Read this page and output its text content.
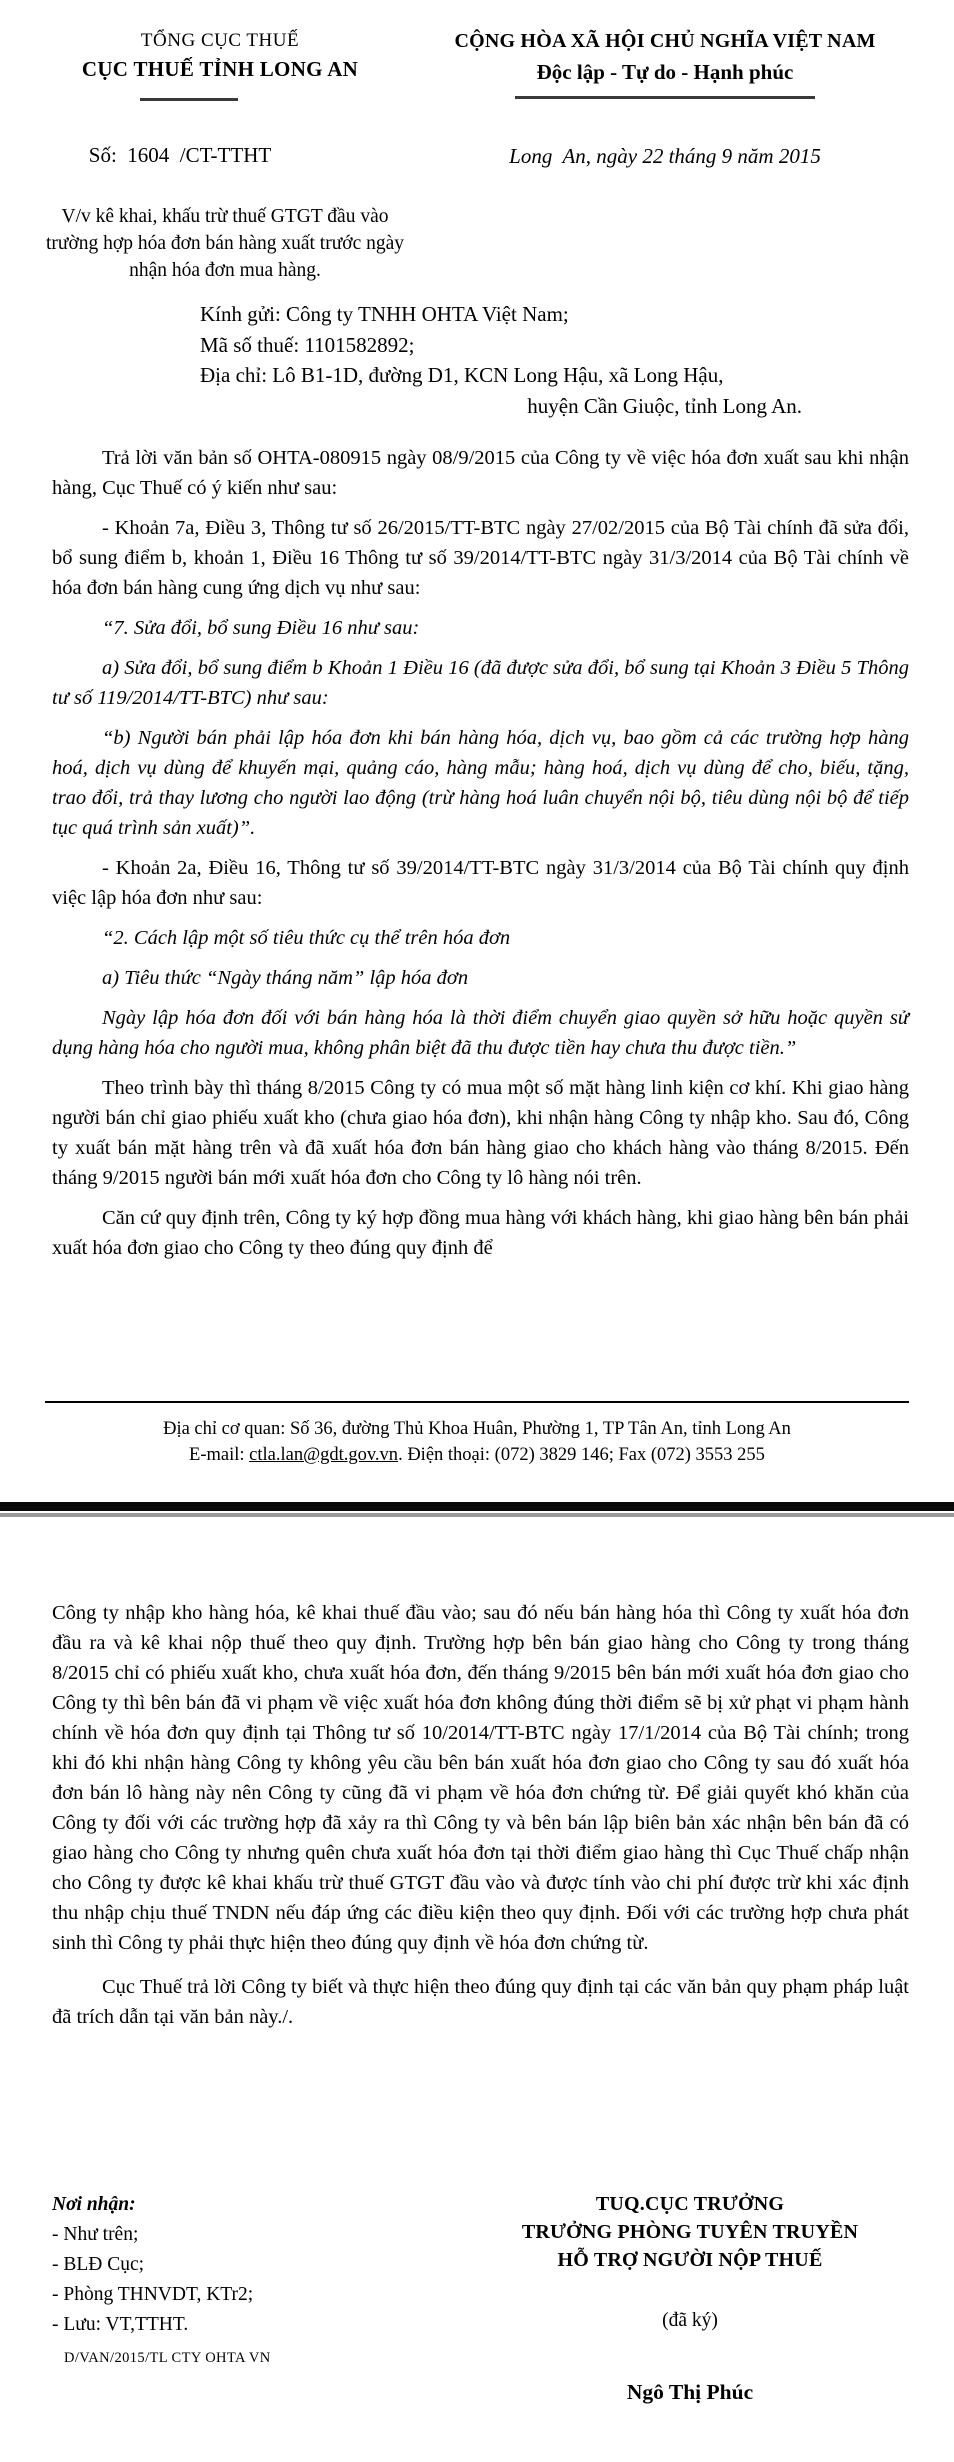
TỔNG CỤC THUẾ
CỤC THUẾ TỈNH LONG AN
CỘNG HÒA XÃ HỘI CHỦ NGHĨA VIỆT NAM
Độc lập - Tự do - Hạnh phúc
Số:  1604  /CT-TTHT	Long  An, ngày 22 tháng 9 năm 2015
V/v kê khai, khấu trừ thuế GTGT đầu vào trường hợp hóa đơn bán hàng xuất trước ngày nhận hóa đơn mua hàng.
Kính gửi: Công ty TNHH OHTA Việt Nam;
Mã số thuế: 1101582892;
Địa chỉ: Lô B1-1D, đường D1, KCN Long Hậu, xã Long Hậu,
huyện Cần Giuộc, tỉnh Long An.

Trả lời văn bản số OHTA-080915 ngày 08/9/2015 của Công ty về việc hóa đơn xuất sau khi nhận hàng, Cục Thuế có ý kiến như sau:

- Khoản 7a, Điều 3, Thông tư số 26/2015/TT-BTC ngày 27/02/2015 của Bộ Tài chính đã sửa đổi, bổ sung điểm b, khoản 1, Điều 16 Thông tư số 39/2014/TT-BTC ngày 31/3/2014 của Bộ Tài chính về hóa đơn bán hàng cung ứng dịch vụ như sau:

“7. Sửa đổi, bổ sung Điều 16 như sau:

a) Sửa đổi, bổ sung điểm b Khoản 1 Điều 16 (đã được sửa đổi, bổ sung tại Khoản 3 Điều 5 Thông tư số 119/2014/TT-BTC) như sau:

“b) Người bán phải lập hóa đơn khi bán hàng hóa, dịch vụ, bao gồm cả các trường hợp hàng hoá, dịch vụ dùng để khuyến mại, quảng cáo, hàng mẫu; hàng hoá, dịch vụ dùng để cho, biếu, tặng, trao đổi, trả thay lương cho người lao động (trừ hàng hoá luân chuyển nội bộ, tiêu dùng nội bộ để tiếp tục quá trình sản xuất)”.

- Khoản 2a, Điều 16, Thông tư số 39/2014/TT-BTC ngày 31/3/2014 của Bộ Tài chính quy định việc lập hóa đơn như sau:

“2. Cách lập một số tiêu thức cụ thể trên hóa đơn

a) Tiêu thức “Ngày tháng năm” lập hóa đơn

Ngày lập hóa đơn đối với bán hàng hóa là thời điểm chuyển giao quyền sở hữu hoặc quyền sử dụng hàng hóa cho người mua, không phân biệt đã thu được tiền hay chưa thu được tiền.”

Theo trình bày thì tháng 8/2015 Công ty có mua một số mặt hàng linh kiện cơ khí. Khi giao hàng người bán chỉ giao phiếu xuất kho (chưa giao hóa đơn), khi nhận hàng Công ty nhập kho. Sau đó, Công ty xuất bán mặt hàng trên và đã xuất hóa đơn bán hàng giao cho khách hàng vào tháng 8/2015. Đến tháng 9/2015 người bán mới xuất hóa đơn cho Công ty lô hàng nói trên.

Căn cứ quy định trên, Công ty ký hợp đồng mua hàng với khách hàng, khi giao hàng bên bán phải xuất hóa đơn giao cho Công ty theo đúng quy định để

Địa chỉ cơ quan: Số 36, đường Thủ Khoa Huân, Phường 1, TP Tân An, tỉnh Long An
E-mail: ctla.lan@gdt.gov.vn. Điện thoại: (072) 3829 146; Fax (072) 3553 255

Công ty nhập kho hàng hóa, kê khai thuế đầu vào; sau đó nếu bán hàng hóa thì Công ty xuất hóa đơn đầu ra và kê khai nộp thuế theo quy định. Trường hợp bên bán giao hàng cho Công ty trong tháng 8/2015 chỉ có phiếu xuất kho, chưa xuất hóa đơn, đến tháng 9/2015 bên bán mới xuất hóa đơn giao cho Công ty thì bên bán đã vi phạm về việc xuất hóa đơn không đúng thời điểm sẽ bị xử phạt vi phạm hành chính về hóa đơn quy định tại Thông tư số 10/2014/TT-BTC ngày 17/1/2014 của Bộ Tài chính; trong khi đó khi nhận hàng Công ty không yêu cầu bên bán xuất hóa đơn giao cho Công ty sau đó xuất hóa đơn bán lô hàng này nên Công ty cũng đã vi phạm về hóa đơn chứng từ. Để giải quyết khó khăn của Công ty đối với các trường hợp đã xảy ra thì Công ty và bên bán lập biên bản xác nhận bên bán đã có giao hàng cho Công ty nhưng quên chưa xuất hóa đơn tại thời điểm giao hàng thì Cục Thuế chấp nhận cho Công ty được kê khai khấu trừ thuế GTGT đầu vào và được tính vào chi phí được trừ khi xác định thu nhập chịu thuế TNDN nếu đáp ứng các điều kiện theo quy định. Đối với các trường hợp chưa phát sinh thì Công ty phải thực hiện theo đúng quy định về hóa đơn chứng từ.

Cục Thuế trả lời Công ty biết và thực hiện theo đúng quy định tại các văn bản quy phạm pháp luật đã trích dẫn tại văn bản này./.

Nơi nhận:
- Như trên;
- BLĐ Cục;
- Phòng THNVDT, KTr2;
- Lưu: VT,TTHT.
D/VAN/2015/TL CTY OHTA VN
TUQ.CỤC TRƯỞNG
TRƯỞNG PHÒNG TUYÊN TRUYỀN
HỖ TRỢ NGƯỜI NỘP THUẾ
(đã ký)
Ngô Thị Phúc
